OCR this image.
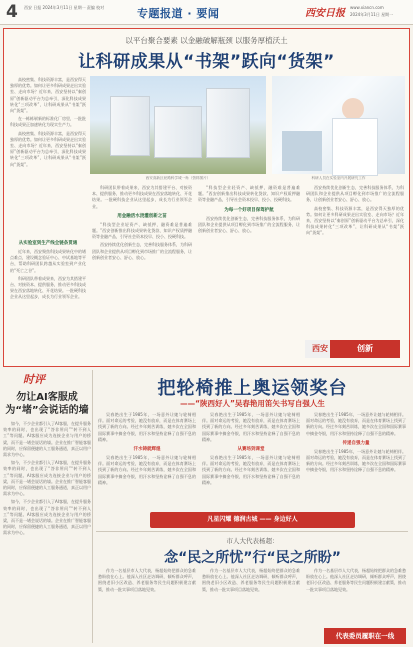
4 西安 日报 2024年3月11日 星期一 责编 校对	专题报道 · 要闻	西安日报
www.xiancn.com
2024年3月11日 星期一
以平台聚合要素 以金融破解瓶颈 以服务厚植沃土
让科研成果从“书架”跃向“货架”

高校密集、科技资源丰富，是西安得天独厚的优势。如何让更多科研成果走出实验室、走向市场？近年来，西安坚持以“秦创原”创新驱动平台为总牵引，深化科技成果转化“三项改革”，让科研成果从“书架”跃向“货架”。

在一栋栋崭新的标准化厂房里，一批批科技成果正加速转化为现实生产力。

高校密集、科技资源丰富，是西安得天独厚的优势。如何让更多科研成果走出实验室、走向市场？近年来，西安坚持以“秦创原”创新驱动平台为总牵引，深化科技成果转化“三项改革”，让科研成果从“书架”跃向“货架”。

西安高新区丝路科学城一角（资料图片）	科研人员在实验室内开展研究工作
从实验室到生产线全链条贯通

近年来，西安聚焦科技成果转化中的堵点难点，建设概念验证中心、中试基地等平台，帮助科研团队跨越从实验室到产业化的“死亡之谷”。

科研团队带着成果来，西安为其搭建平台、对接资本、提供服务，推动更多科技成果在西安落地转化、开花结果。一批硬科技企业从这里起步，成长为行业领军企业。

科研团队带着成果来，西安为其搭建平台、对接资本、提供服务，推动更多科技成果在西安落地转化、开花结果。一批硬科技企业从这里起步，成长为行业领军企业。

用金融活水浇灌创新之苗

“科技型企业轻资产、缺抵押，融资难是普遍难题。”西安创新推出科技成果转化贷款、知识产权质押融资等金融产品，引导社会资本投早、投小、投硬科技。

西安持续优化创新生态，完善科技服务体系，为科研团队和企业提供从项目孵化到市场推广的全流程服务，让创新创业者安心、舒心、放心。

“科技型企业轻资产、缺抵押，融资难是普遍难题。”西安创新推出科技成果转化贷款、知识产权质押融资等金融产品，引导社会资本投早、投小、投硬科技。

为每一个好项目保驾护航

西安持续优化创新生态，完善科技服务体系，为科研团队和企业提供从项目孵化到市场推广的全流程服务，让创新创业者安心、舒心、放心。

西安持续优化创新生态，完善科技服务体系，为科研团队和企业提供从项目孵化到市场推广的全流程服务，让创新创业者安心、舒心、放心。

高校密集、科技资源丰富，是西安得天独厚的优势。如何让更多科研成果走出实验室、走向市场？近年来，西安坚持以“秦创原”创新驱动平台为总牵引，深化科技成果转化“三项改革”，让科研成果从“书架”跃向“货架”。

西安	创新
时评
勿让AI客服成为“堵”会说话的墙

如今，不少企业都引入了AI客服，在提升服务效率的同时，也出现了“答非所问”“转不到人工”等问题。AI客服应成为连接企业与用户的桥梁，而不是一堵会说话的墙。企业在推广智能客服的同时，应保留便捷的人工服务通道，真正以用户需求为中心。

如今，不少企业都引入了AI客服，在提升服务效率的同时，也出现了“答非所问”“转不到人工”等问题。AI客服应成为连接企业与用户的桥梁，而不是一堵会说话的墙。企业在推广智能客服的同时，应保留便捷的人工服务通道，真正以用户需求为中心。

如今，不少企业都引入了AI客服，在提升服务效率的同时，也出现了“答非所问”“转不到人工”等问题。AI客服应成为连接企业与用户的桥梁，而不是一堵会说话的墙。企业在推广智能客服的同时，应保留便捷的人工服务通道，真正以用户需求为中心。

把轮椅推上奥运领奖台
——“陕西好人”吴春艳用笛矢书写自强人生

吴春艳出生于1985年，一场意外让她与轮椅相伴。面对命运的考验，她没有放弃，而是在体育赛场上找到了新的方向。经过多年刻苦训练，她多次在全国和国际赛事中摘金夺银，用汗水和坚持诠释了自强不息的精神。

汗水铸就辉煌

吴春艳出生于1985年，一场意外让她与轮椅相伴。面对命运的考验，她没有放弃，而是在体育赛场上找到了新的方向。经过多年刻苦训练，她多次在全国和国际赛事中摘金夺银，用汗水和坚持诠释了自强不息的精神。

吴春艳出生于1985年，一场意外让她与轮椅相伴。面对命运的考验，她没有放弃，而是在体育赛场上找到了新的方向。经过多年刻苦训练，她多次在全国和国际赛事中摘金夺银，用汗水和坚持诠释了自强不息的精神。

从赛场到课堂

吴春艳出生于1985年，一场意外让她与轮椅相伴。面对命运的考验，她没有放弃，而是在体育赛场上找到了新的方向。经过多年刻苦训练，她多次在全国和国际赛事中摘金夺银，用汗水和坚持诠释了自强不息的精神。

吴春艳出生于1985年，一场意外让她与轮椅相伴。面对命运的考验，她没有放弃，而是在体育赛场上找到了新的方向。经过多年刻苦训练，她多次在全国和国际赛事中摘金夺银，用汗水和坚持诠释了自强不息的精神。

传递自强力量

吴春艳出生于1985年，一场意外让她与轮椅相伴。面对命运的考验，她没有放弃，而是在体育赛场上找到了新的方向。经过多年刻苦训练，她多次在全国和国际赛事中摘金夺银，用汗水和坚持诠释了自强不息的精神。

凡星闪耀 德润古城 —— 身边好人
市人大代表杨超：
念“民之所忧”行“民之所盼”

作为一名基层市人大代表，杨超始终把群众的急难愁盼放在心上。他深入社区走访调研，倾听群众呼声，围绕老旧小区改造、养老服务等民生问题积极建言献策，推动一批实事项目落地见效。

作为一名基层市人大代表，杨超始终把群众的急难愁盼放在心上。他深入社区走访调研，倾听群众呼声，围绕老旧小区改造、养老服务等民生问题积极建言献策，推动一批实事项目落地见效。

作为一名基层市人大代表，杨超始终把群众的急难愁盼放在心上。他深入社区走访调研，倾听群众呼声，围绕老旧小区改造、养老服务等民生问题积极建言献策，推动一批实事项目落地见效。

代表委员履职在一线
